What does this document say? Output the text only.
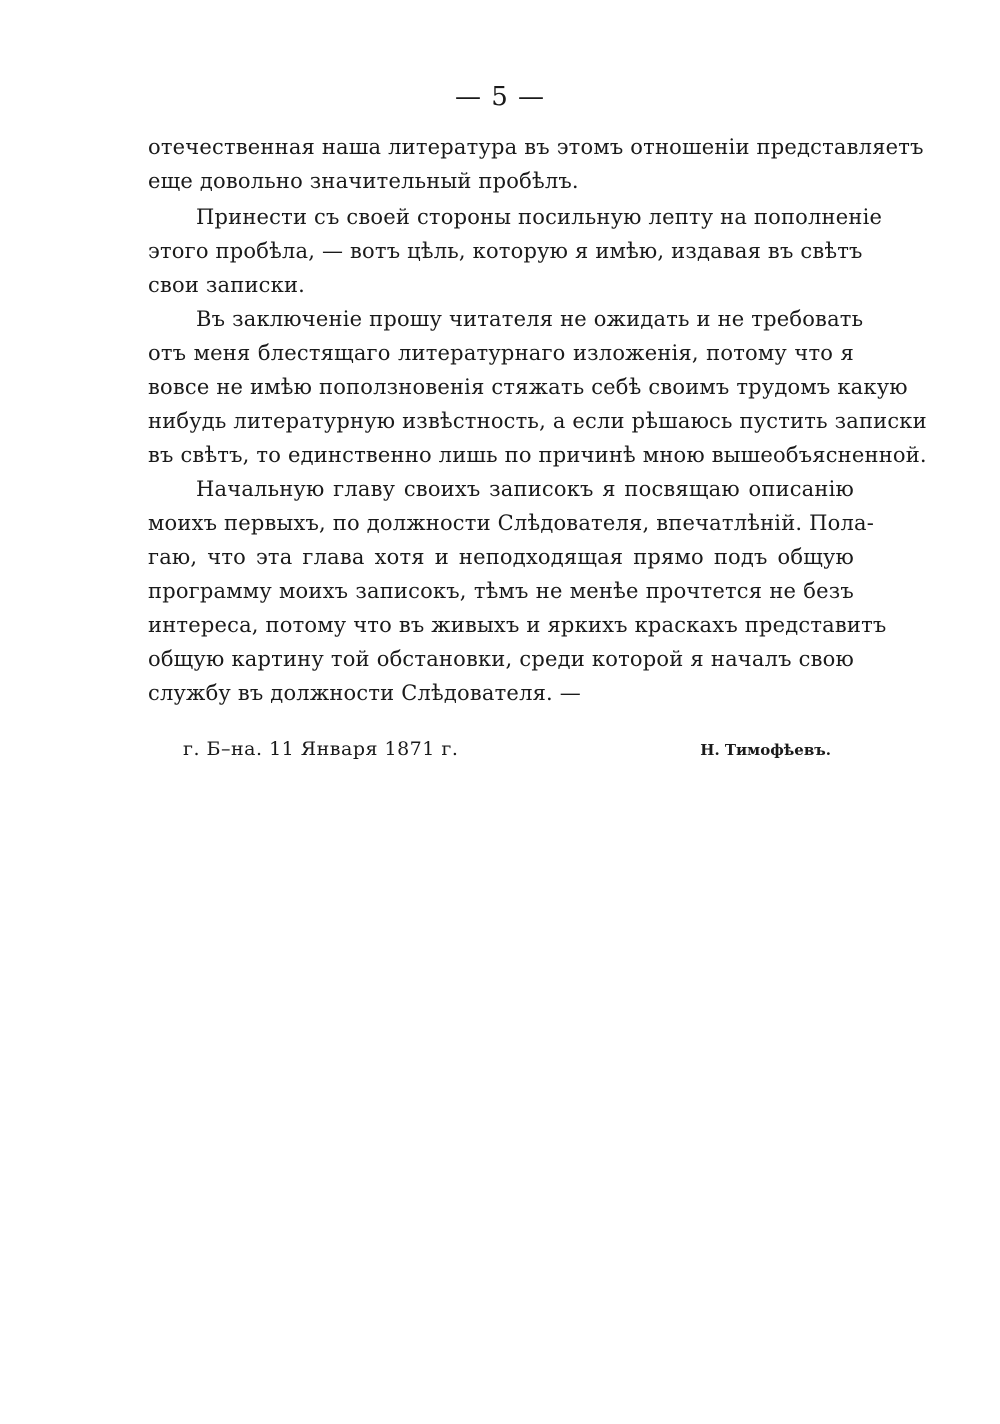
— 5 —
отечественная наша литература въ этомъ отношенiи представляетъ
еще довольно значительный пробѣлъ.
Принести съ своей стороны посильную лепту на пополненiе
этого пробѣла, — вотъ цѣль, которую я имѣю, издавая въ свѣтъ
свои записки.
Въ заключенiе прошу читателя не ожидать и не требовать
отъ меня блестящаго литературнаго изложенiя, потому что я
вовсе не имѣю поползновенiя стяжать себѣ своимъ трудомъ какую
нибудь литературную извѣстность, а если рѣшаюсь пустить записки
въ свѣтъ, то единственно лишь по причинѣ мною вышеобъясненной.
Начальную главу своихъ записокъ я посвящаю описанiю
моихъ первыхъ, по должности Слѣдователя, впечатлѣнiй. Пола-
гаю, что эта глава хотя и неподходящая прямо подъ общую
программу моихъ записокъ, тѣмъ не менѣе прочтется не безъ
интереса, потому что въ живыхъ и яркихъ краскахъ представитъ
общую картину той обстановки, среди которой я началъ свою
службу въ должности Слѣдователя. —
г. Б–на. 11 Января 1871 г.	Н. Тимофѣевъ.
